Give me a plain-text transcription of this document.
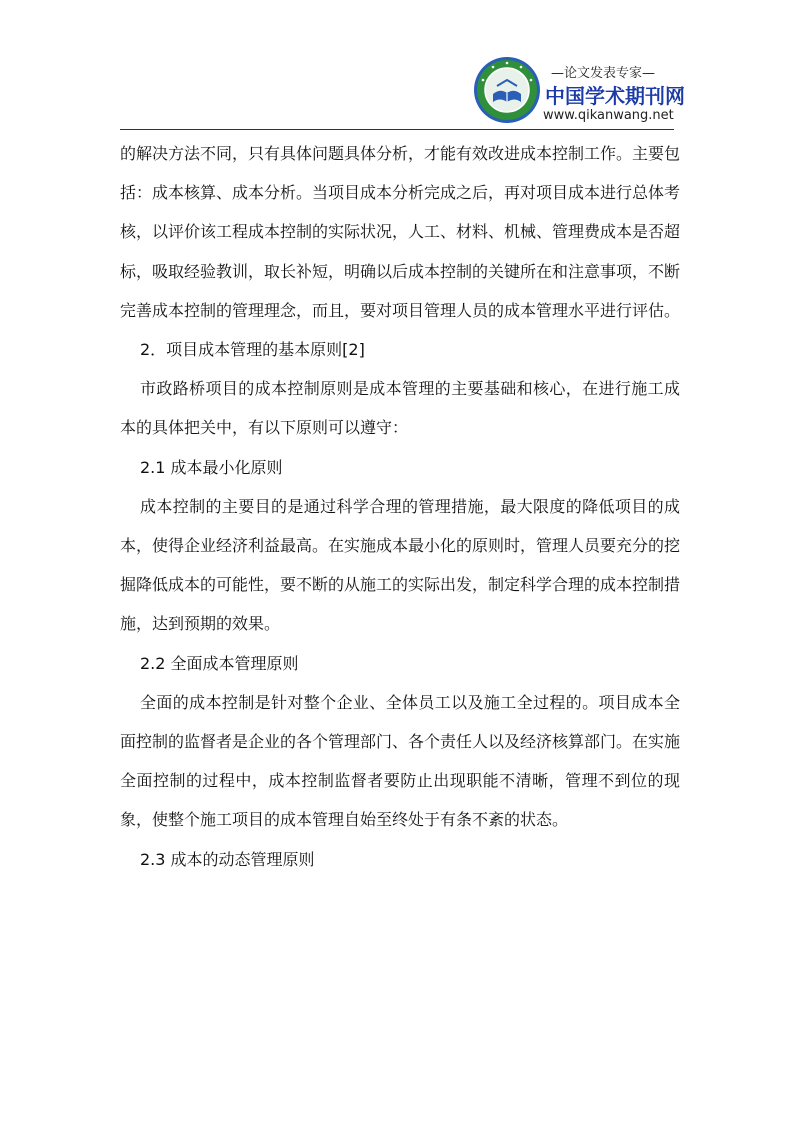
—论文发表专家—
中国学术期刊网
www.qikanwang.net

的解决方法不同，只有具体问题具体分析，才能有效改进成本控制工作。主要包括：成本核算、成本分析。当项目成本分析完成之后，再对项目成本进行总体考核，以评价该工程成本控制的实际状况，人工、材料、机械、管理费成本是否超标，吸取经验教训，取长补短，明确以后成本控制的关键所在和注意事项，不断完善成本控制的管理理念，而且，要对项目管理人员的成本管理水平进行评估。

2．项目成本管理的基本原则[2]

市政路桥项目的成本控制原则是成本管理的主要基础和核心，在进行施工成本的具体把关中，有以下原则可以遵守：

2.1 成本最小化原则

成本控制的主要目的是通过科学合理的管理措施，最大限度的降低项目的成本，使得企业经济利益最高。在实施成本最小化的原则时，管理人员要充分的挖掘降低成本的可能性，要不断的从施工的实际出发，制定科学合理的成本控制措施，达到预期的效果。

2.2 全面成本管理原则

全面的成本控制是针对整个企业、全体员工以及施工全过程的。项目成本全面控制的监督者是企业的各个管理部门、各个责任人以及经济核算部门。在实施全面控制的过程中，成本控制监督者要防止出现职能不清晰，管理不到位的现象，使整个施工项目的成本管理自始至终处于有条不紊的状态。

2.3 成本的动态管理原则
